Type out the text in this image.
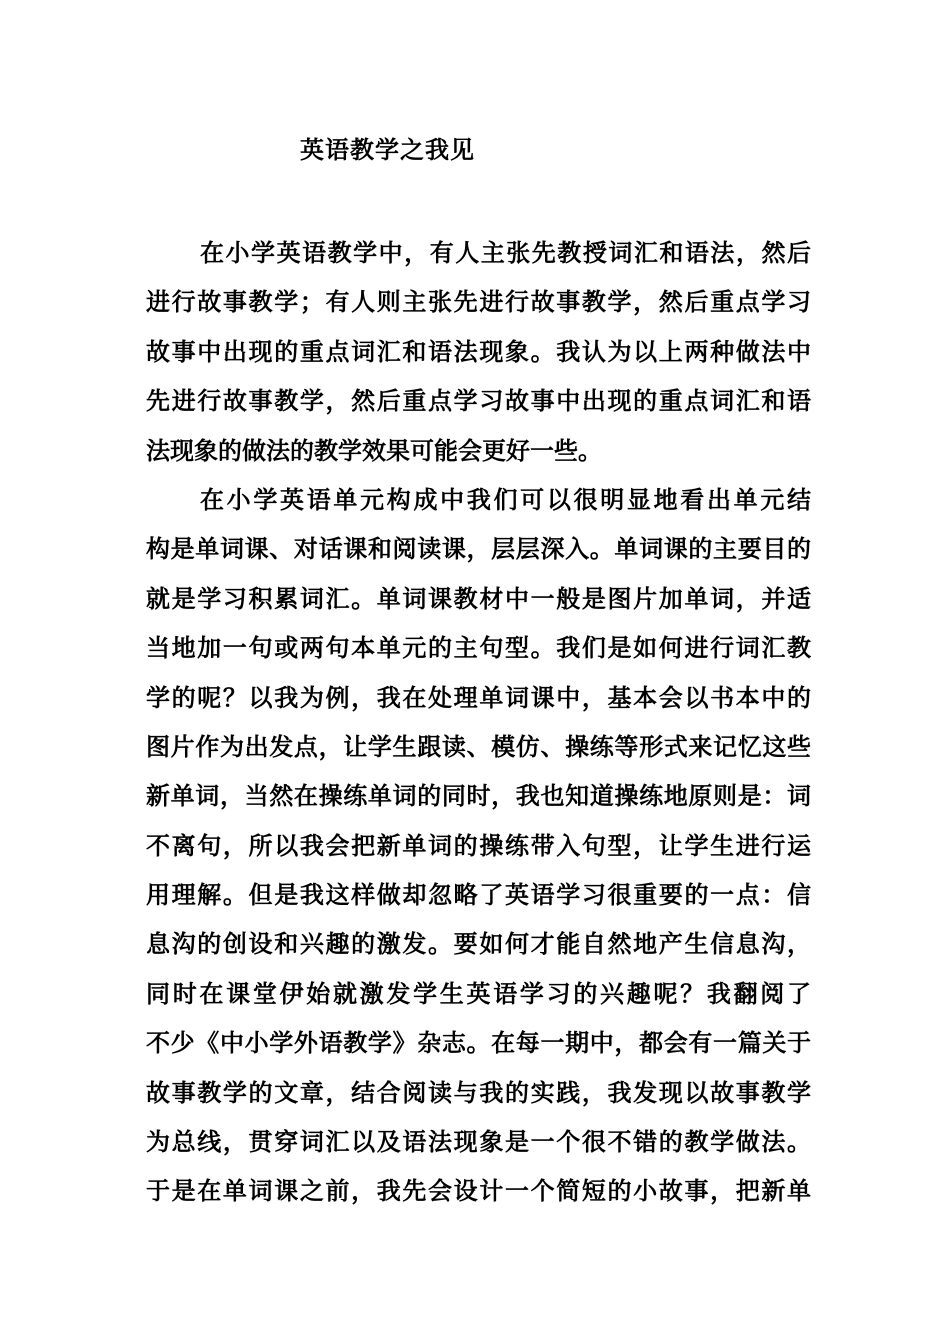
英语教学之我见
在小学英语教学中，有人主张先教授词汇和语法，然后
进行故事教学；有人则主张先进行故事教学，然后重点学习
故事中出现的重点词汇和语法现象。我认为以上两种做法中
先进行故事教学，然后重点学习故事中出现的重点词汇和语
法现象的做法的教学效果可能会更好一些。
在小学英语单元构成中我们可以很明显地看出单元结
构是单词课、对话课和阅读课，层层深入。单词课的主要目的
就是学习积累词汇。单词课教材中一般是图片加单词，并适
当地加一句或两句本单元的主句型。我们是如何进行词汇教
学的呢？以我为例，我在处理单词课中，基本会以书本中的
图片作为出发点，让学生跟读、模仿、操练等形式来记忆这些
新单词，当然在操练单词的同时，我也知道操练地原则是：词
不离句，所以我会把新单词的操练带入句型，让学生进行运
用理解。但是我这样做却忽略了英语学习很重要的一点：信
息沟的创设和兴趣的激发。要如何才能自然地产生信息沟，
同时在课堂伊始就激发学生英语学习的兴趣呢？我翻阅了
不少《中小学外语教学》杂志。在每一期中，都会有一篇关于
故事教学的文章，结合阅读与我的实践，我发现以故事教学
为总线，贯穿词汇以及语法现象是一个很不错的教学做法。
于是在单词课之前，我先会设计一个简短的小故事，把新单
